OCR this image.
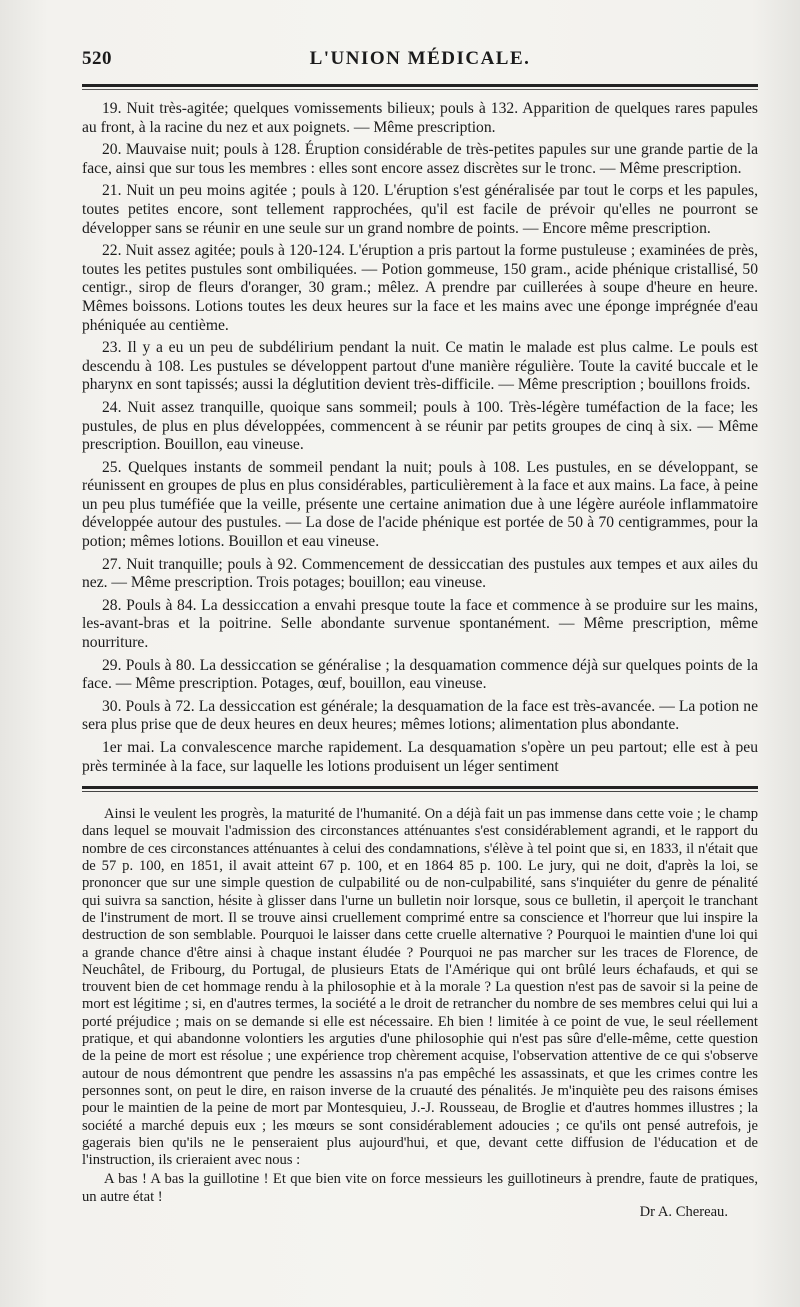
520	L'UNION MÉDICALE.

19. Nuit très-agitée; quelques vomissements bilieux; pouls à 132. Apparition de quelques rares papules au front, à la racine du nez et aux poignets. — Même prescription.

20. Mauvaise nuit; pouls à 128. Éruption considérable de très-petites papules sur une grande partie de la face, ainsi que sur tous les membres : elles sont encore assez discrètes sur le tronc. — Même prescription.

21. Nuit un peu moins agitée ; pouls à 120. L'éruption s'est généralisée par tout le corps et les papules, toutes petites encore, sont tellement rapprochées, qu'il est facile de prévoir qu'elles ne pourront se développer sans se réunir en une seule sur un grand nombre de points. — Encore même prescription.

22. Nuit assez agitée; pouls à 120-124. L'éruption a pris partout la forme pustuleuse ; examinées de près, toutes les petites pustules sont ombiliquées. — Potion gommeuse, 150 gram., acide phénique cristallisé, 50 centigr., sirop de fleurs d'oranger, 30 gram.; mêlez. A prendre par cuillerées à soupe d'heure en heure. Mêmes boissons. Lotions toutes les deux heures sur la face et les mains avec une éponge imprégnée d'eau phéniquée au centième.

23. Il y a eu un peu de subdélirium pendant la nuit. Ce matin le malade est plus calme. Le pouls est descendu à 108. Les pustules se développent partout d'une manière régulière. Toute la cavité buccale et le pharynx en sont tapissés; aussi la déglutition devient très-difficile. — Même prescription ; bouillons froids.

24. Nuit assez tranquille, quoique sans sommeil; pouls à 100. Très-légère tuméfaction de la face; les pustules, de plus en plus développées, commencent à se réunir par petits groupes de cinq à six. — Même prescription. Bouillon, eau vineuse.

25. Quelques instants de sommeil pendant la nuit; pouls à 108. Les pustules, en se développant, se réunissent en groupes de plus en plus considérables, particulièrement à la face et aux mains. La face, à peine un peu plus tuméfiée que la veille, présente une certaine animation due à une légère auréole inflammatoire développée autour des pustules. — La dose de l'acide phénique est portée de 50 à 70 centigrammes, pour la potion; mêmes lotions. Bouillon et eau vineuse.

27. Nuit tranquille; pouls à 92. Commencement de dessiccatian des pustules aux tempes et aux ailes du nez. — Même prescription. Trois potages; bouillon; eau vineuse.

28. Pouls à 84. La dessiccation a envahi presque toute la face et commence à se produire sur les mains, les-avant-bras et la poitrine. Selle abondante survenue spontanément. — Même prescription, même nourriture.

29. Pouls à 80. La dessiccation se généralise ; la desquamation commence déjà sur quelques points de la face. — Même prescription. Potages, œuf, bouillon, eau vineuse.

30. Pouls à 72. La dessiccation est générale; la desquamation de la face est très-avancée. — La potion ne sera plus prise que de deux heures en deux heures; mêmes lotions; alimentation plus abondante.

1er mai. La convalescence marche rapidement. La desquamation s'opère un peu partout; elle est à peu près terminée à la face, sur laquelle les lotions produisent un léger sentiment

Ainsi le veulent les progrès, la maturité de l'humanité. On a déjà fait un pas immense dans cette voie ; le champ dans lequel se mouvait l'admission des circonstances atténuantes s'est considérablement agrandi, et le rapport du nombre de ces circonstances atténuantes à celui des condamnations, s'élève à tel point que si, en 1833, il n'était que de 57 p. 100, en 1851, il avait atteint 67 p. 100, et en 1864 85 p. 100. Le jury, qui ne doit, d'après la loi, se prononcer que sur une simple question de culpabilité ou de non-culpabilité, sans s'inquiéter du genre de pénalité qui suivra sa sanction, hésite à glisser dans l'urne un bulletin noir lorsque, sous ce bulletin, il aperçoit le tranchant de l'instrument de mort. Il se trouve ainsi cruellement comprimé entre sa conscience et l'horreur que lui inspire la destruction de son semblable. Pourquoi le laisser dans cette cruelle alternative ? Pourquoi le maintien d'une loi qui a grande chance d'être ainsi à chaque instant éludée ? Pourquoi ne pas marcher sur les traces de Florence, de Neuchâtel, de Fribourg, du Portugal, de plusieurs Etats de l'Amérique qui ont brûlé leurs échafauds, et qui se trouvent bien de cet hommage rendu à la philosophie et à la morale ? La question n'est pas de savoir si la peine de mort est légitime ; si, en d'autres termes, la société a le droit de retrancher du nombre de ses membres celui qui lui a porté préjudice ; mais on se demande si elle est nécessaire. Eh bien ! limitée à ce point de vue, le seul réellement pratique, et qui abandonne volontiers les arguties d'une philosophie qui n'est pas sûre d'elle-même, cette question de la peine de mort est résolue ; une expérience trop chèrement acquise, l'observation attentive de ce qui s'observe autour de nous démontrent que pendre les assassins n'a pas empêché les assassinats, et que les crimes contre les personnes sont, on peut le dire, en raison inverse de la cruauté des pénalités. Je m'inquiète peu des raisons émises pour le maintien de la peine de mort par Montesquieu, J.-J. Rousseau, de Broglie et d'autres hommes illustres ; la société a marché depuis eux ; les mœurs se sont considérablement adoucies ; ce qu'ils ont pensé autrefois, je gagerais bien qu'ils ne le penseraient plus aujourd'hui, et que, devant cette diffusion de l'éducation et de l'instruction, ils crieraient avec nous :

A bas ! A bas la guillotine ! Et que bien vite on force messieurs les guillotineurs à prendre, faute de pratiques, un autre état !

Dr A. Chereau.
